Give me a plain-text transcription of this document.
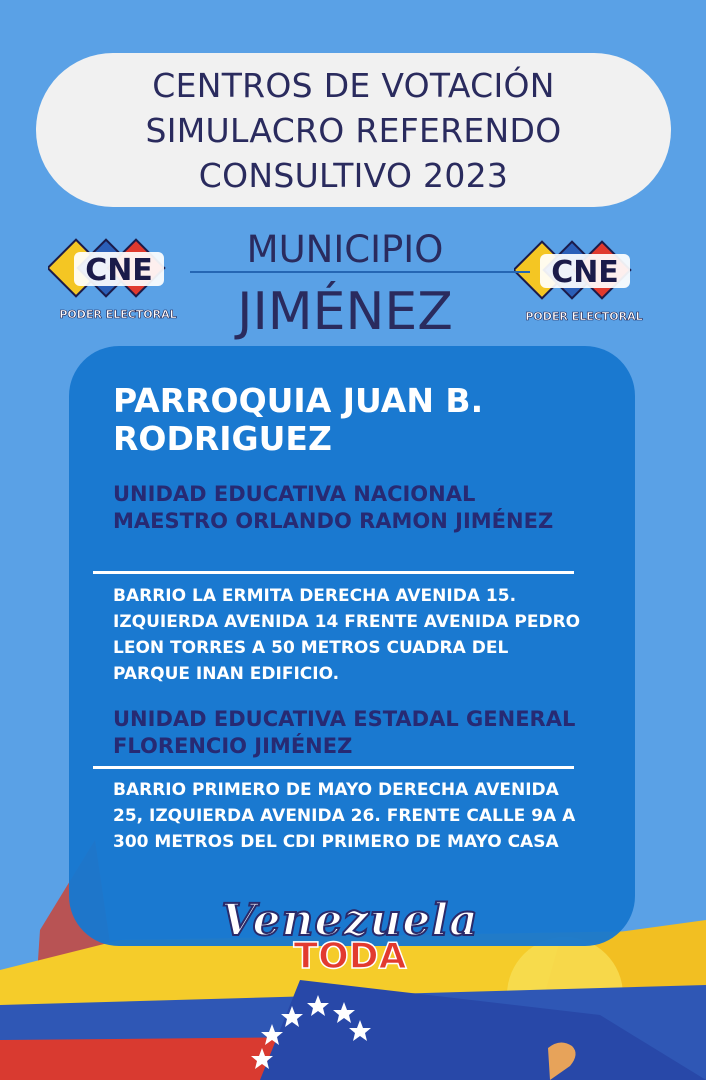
CENTROS DE VOTACIÓN
SIMULACRO REFERENDO
CONSULTIVO 2023
CNE
PODER ELECTORAL
CNE
PODER ELECTORAL
MUNICIPIO
JIMÉNEZ
PARROQUIA JUAN B. RODRIGUEZ
UNIDAD EDUCATIVA NACIONAL MAESTRO ORLANDO RAMON JIMÉNEZ
BARRIO LA ERMITA DERECHA AVENIDA 15. IZQUIERDA AVENIDA 14 FRENTE AVENIDA PEDRO LEON TORRES A 50 METROS CUADRA DEL PARQUE INAN EDIFICIO.
UNIDAD EDUCATIVA ESTADAL GENERAL FLORENCIO JIMÉNEZ
BARRIO PRIMERO DE MAYO DERECHA AVENIDA 25, IZQUIERDA AVENIDA 26. FRENTE CALLE 9A A 300 METROS DEL CDI PRIMERO DE MAYO CASA
Venezuela
TODA
